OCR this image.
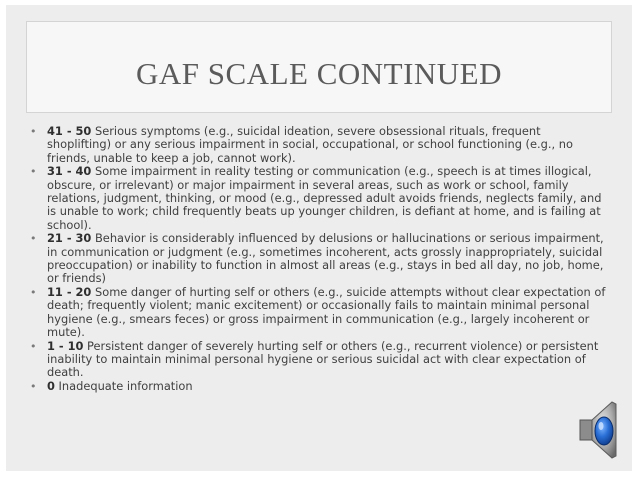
GAF SCALE CONTINUED
• 41 - 50 Serious symptoms (e.g., suicidal ideation, severe obsessional rituals, frequent shoplifting) or any serious impairment in social, occupational, or school functioning (e.g., no friends, unable to keep a job, cannot work).
• 31 - 40 Some impairment in reality testing or communication (e.g., speech is at times illogical, obscure, or irrelevant) or major impairment in several areas, such as work or school, family relations, judgment, thinking, or mood (e.g., depressed adult avoids friends, neglects family, and is unable to work; child frequently beats up younger children, is defiant at home, and is failing at school).
• 21 - 30 Behavior is considerably influenced by delusions or hallucinations or serious impairment, in communication or judgment (e.g., sometimes incoherent, acts grossly inappropriately, suicidal preoccupation) or inability to function in almost all areas (e.g., stays in bed all day, no job, home, or friends)
• 11 - 20 Some danger of hurting self or others (e.g., suicide attempts without clear expectation of death; frequently violent; manic excitement) or occasionally fails to maintain minimal personal hygiene (e.g., smears feces) or gross impairment in communication (e.g., largely incoherent or mute).
• 1 - 10 Persistent danger of severely hurting self or others (e.g., recurrent violence) or persistent inability to maintain minimal personal hygiene or serious suicidal act with clear expectation of death.
• 0 Inadequate information
